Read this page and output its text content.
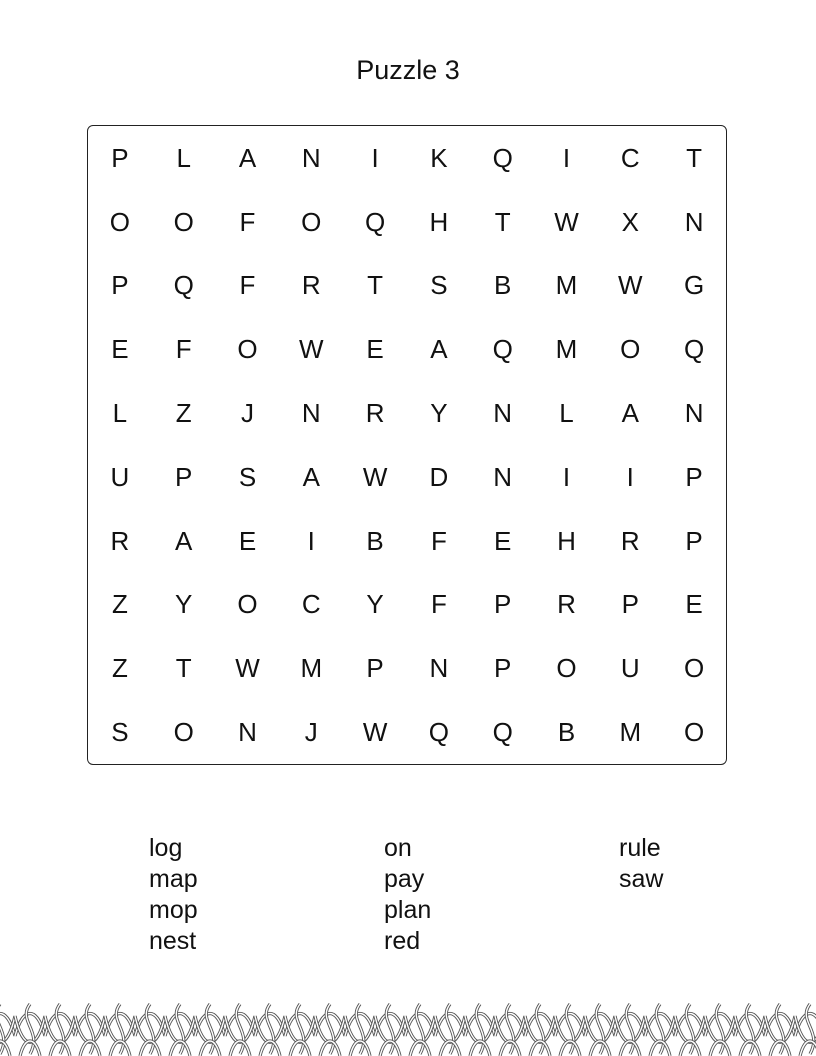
Puzzle 3
P	L	A	N	I	K	Q	I	C	T
O	O	F	O	Q	H	T	W	X	N
P	Q	F	R	T	S	B	M	W	G
E	F	O	W	E	A	Q	M	O	Q
L	Z	J	N	R	Y	N	L	A	N
U	P	S	A	W	D	N	I	I	P
R	A	E	I	B	F	E	H	R	P
Z	Y	O	C	Y	F	P	R	P	E
Z	T	W	M	P	N	P	O	U	O
S	O	N	J	W	Q	Q	B	M	O
log
map
mop
nest
on
pay
plan
red
rule
saw
